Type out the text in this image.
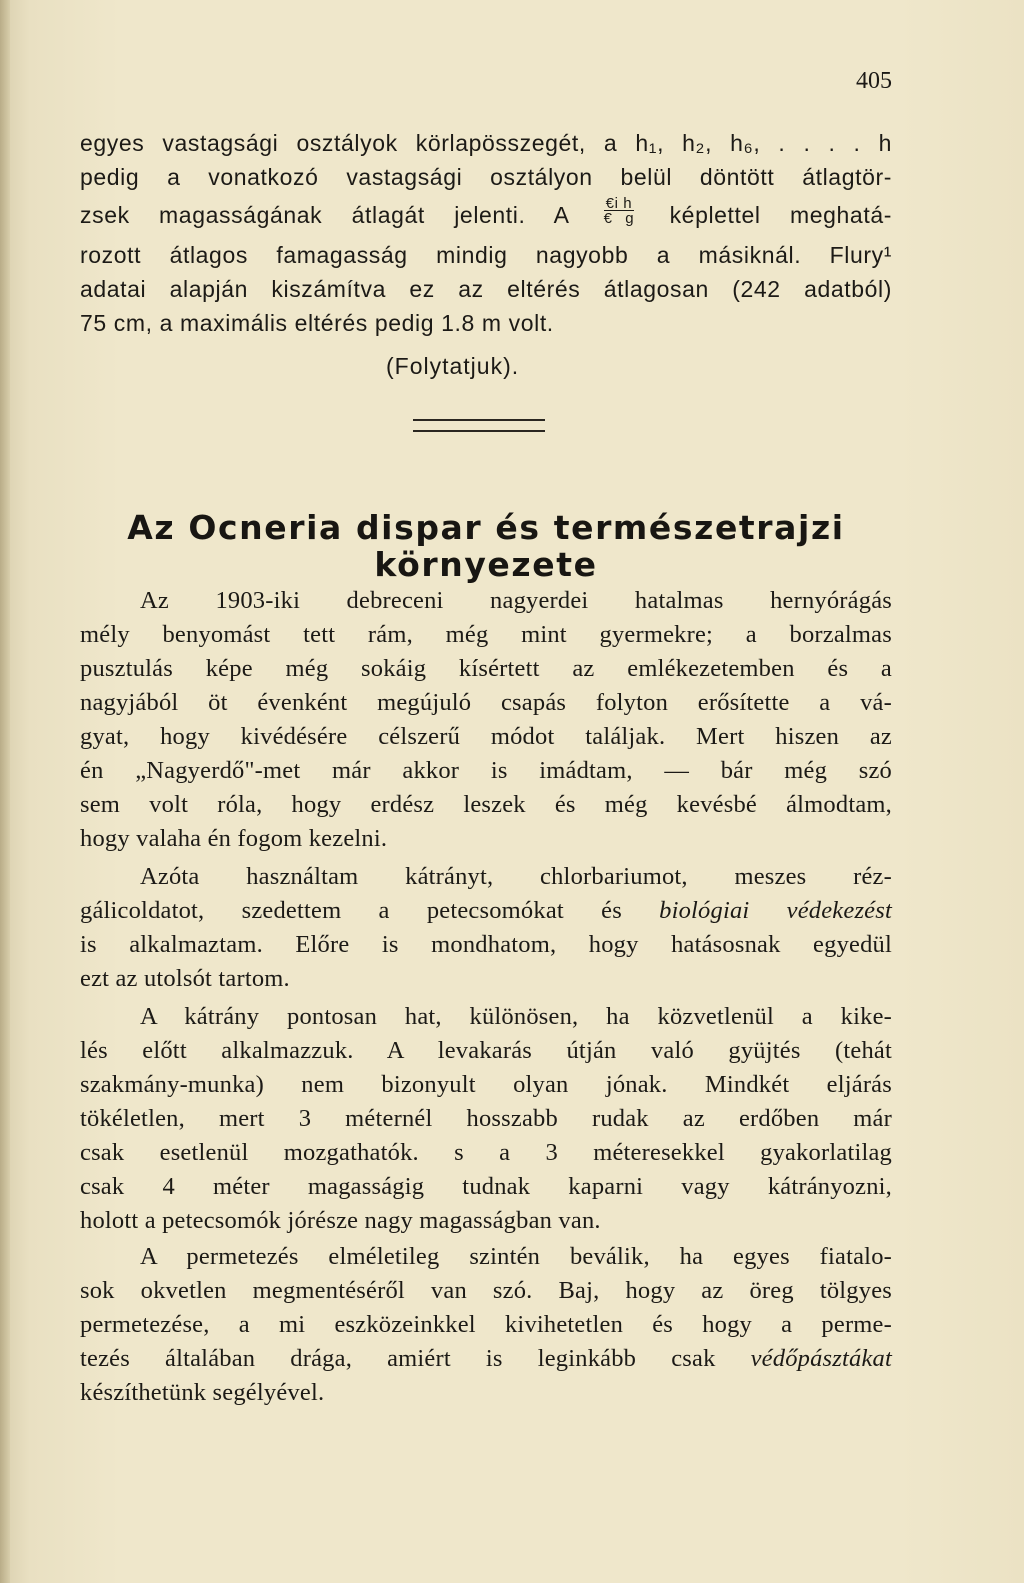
405
egyes vastagsági osztályok körlapösszegét, a h₁, h₂, h₆, . . . . h
pedig a vonatkozó vastagsági osztályon belül döntött átlagtör-
zsek magasságának átlagát jelenti. A $\frac{\text{€i h}}{€ g}$ képlettel meghatá-
rozott átlagos famagasság mindig nagyobb a másiknál. Flury¹
adatai alapján kiszámítva ez az eltérés átlagosan (242 adatból)
75 cm, a maximális eltérés pedig 1.8 m volt.
(Folytatjuk).
Az Ocneria dispar és természetrajzi
környezete
Az 1903-iki debreceni nagyerdei hatalmas hernyórágás
mély benyomást tett rám, még mint gyermekre; a borzalmas
pusztulás képe még sokáig kísértett az emlékezetemben és a
nagyjából öt évenként megújuló csapás folyton erősítette a vá-
gyat, hogy kivédésére célszerű módot találjak. Mert hiszen az
én „Nagyerdő"-met már akkor is imádtam, — bár még szó
sem volt róla, hogy erdész leszek és még kevésbé álmodtam,
hogy valaha én fogom kezelni.
Azóta használtam kátrányt, chlorbariumot, meszes réz-
gálicoldatot, szedettem a petecsomókat és biológiai védekezést
is alkalmaztam. Előre is mondhatom, hogy hatásosnak egyedül
ezt az utolsót tartom.
A kátrány pontosan hat, különösen, ha közvetlenül a kike-
lés előtt alkalmazzuk. A levakarás útján való gyüjtés (tehát
szakmány-munka) nem bizonyult olyan jónak. Mindkét eljárás
tökéletlen, mert 3 méternél hosszabb rudak az erdőben már
csak esetlenül mozgathatók. s a 3 méteresekkel gyakorlatilag
csak 4 méter magasságig tudnak kaparni vagy kátrányozni,
holott a petecsomók jórésze nagy magasságban van.
A permetezés elméletileg szintén beválik, ha egyes fiatalo-
sok okvetlen megmentéséről van szó. Baj, hogy az öreg tölgyes
permetezése, a mi eszközeinkkel kivihetetlen és hogy a perme-
tezés általában drága, amiért is leginkább csak védőpásztákat
készíthetünk segélyével.
